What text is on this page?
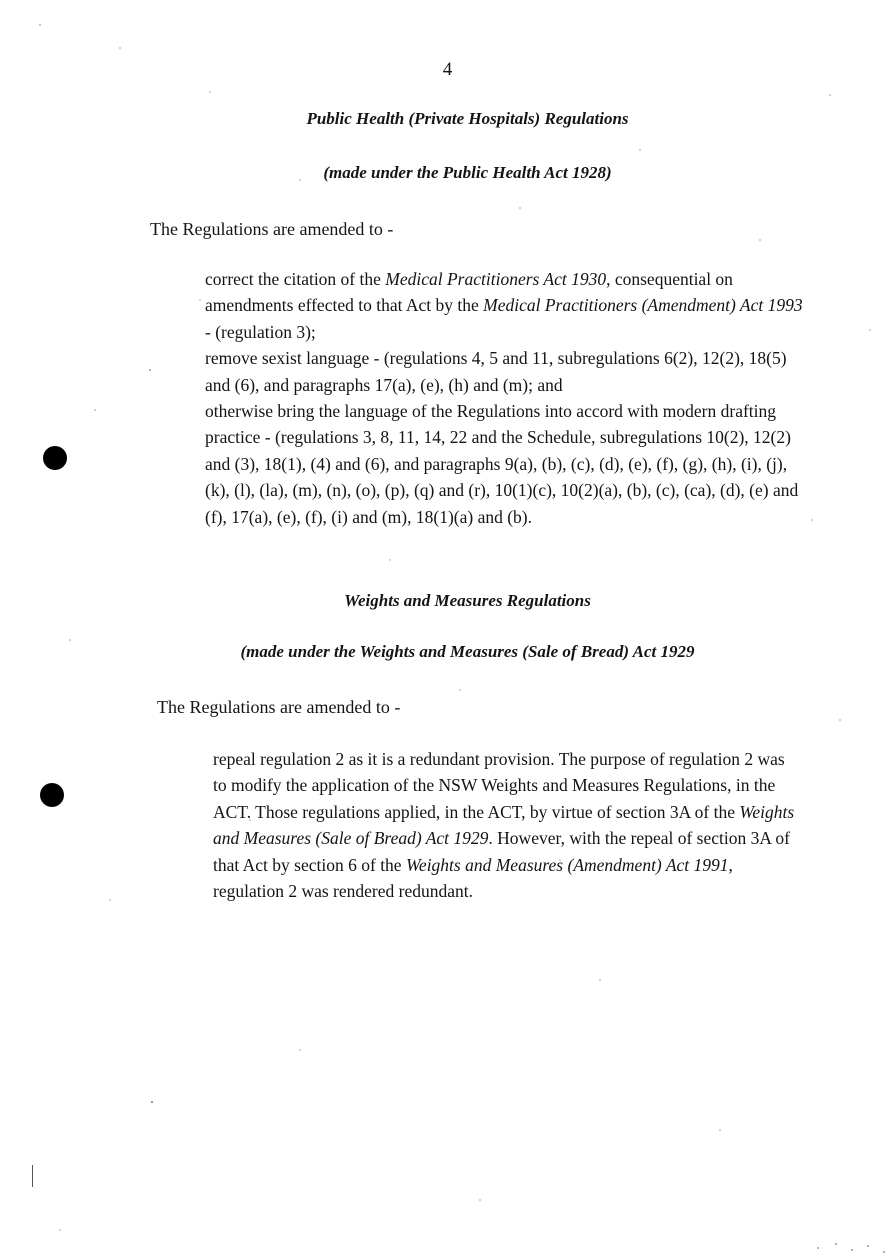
4
Public Health (Private Hospitals) Regulations
(made under the Public Health Act 1928)
The Regulations are amended to -

correct the citation of the Medical Practitioners Act 1930, consequential on amendments effected to that Act by the Medical Practitioners (Amendment) Act 1993 - (regulation 3);

remove sexist language - (regulations 4, 5 and 11, subregulations 6(2), 12(2), 18(5) and (6), and paragraphs 17(a), (e), (h) and (m); and

otherwise bring the language of the Regulations into accord with modern drafting practice - (regulations 3, 8, 11, 14, 22 and the Schedule, subregulations 10(2), 12(2) and (3), 18(1), (4) and (6), and paragraphs 9(a), (b), (c), (d), (e), (f), (g), (h), (i), (j), (k), (l), (la), (m), (n), (o), (p), (q) and (r), 10(1)(c), 10(2)(a), (b), (c), (ca), (d), (e) and (f), 17(a), (e), (f), (i) and (m), 18(1)(a) and (b).

Weights and Measures Regulations
(made under the Weights and Measures (Sale of Bread) Act 1929
The Regulations are amended to -

repeal regulation 2 as it is a redundant provision. The purpose of regulation 2 was to modify the application of the NSW Weights and Measures Regulations, in the ACT. Those regulations applied, in the ACT, by virtue of section 3A of the Weights and Measures (Sale of Bread) Act 1929. However, with the repeal of section 3A of that Act by section 6 of the Weights and Measures (Amendment) Act 1991, regulation 2 was rendered redundant.
